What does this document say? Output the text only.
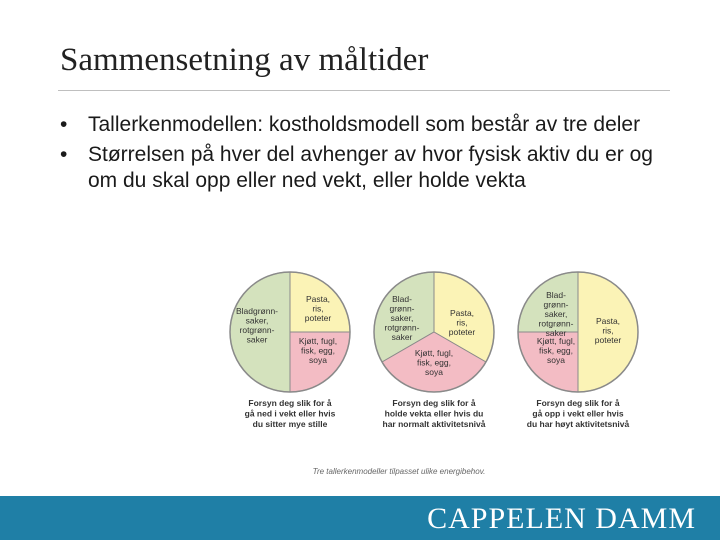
Sammensetning av måltider
• Tallerkenmodellen: kostholdsmodell som består av tre deler
• Størrelsen på hver del avhenger av hvor fysisk aktiv du er og om du skal opp eller ned vekt, eller holde vekta
Bladgrønn-saker, rotgrønn-saker
Pasta, ris, poteter
Kjøtt, fugl, fisk, egg, soya
Forsyn deg slik for å gå ned i vekt eller hvis du sitter mye stille
Blad-grønn-saker, rotgrønn-saker
Pasta, ris, poteter
Kjøtt, fugl, fisk, egg, soya
Forsyn deg slik for å holde vekta eller hvis du har normalt aktivitetsnivå
Blad-grønn-saker, rotgrønn-saker
Pasta, ris, poteter
Kjøtt, fugl, fisk, egg, soya
Forsyn deg slik for å gå opp i vekt eller hvis du har høyt aktivitetsnivå
Tre tallerkenmodeller tilpasset ulike energibehov.
CAPPELEN DAMM
